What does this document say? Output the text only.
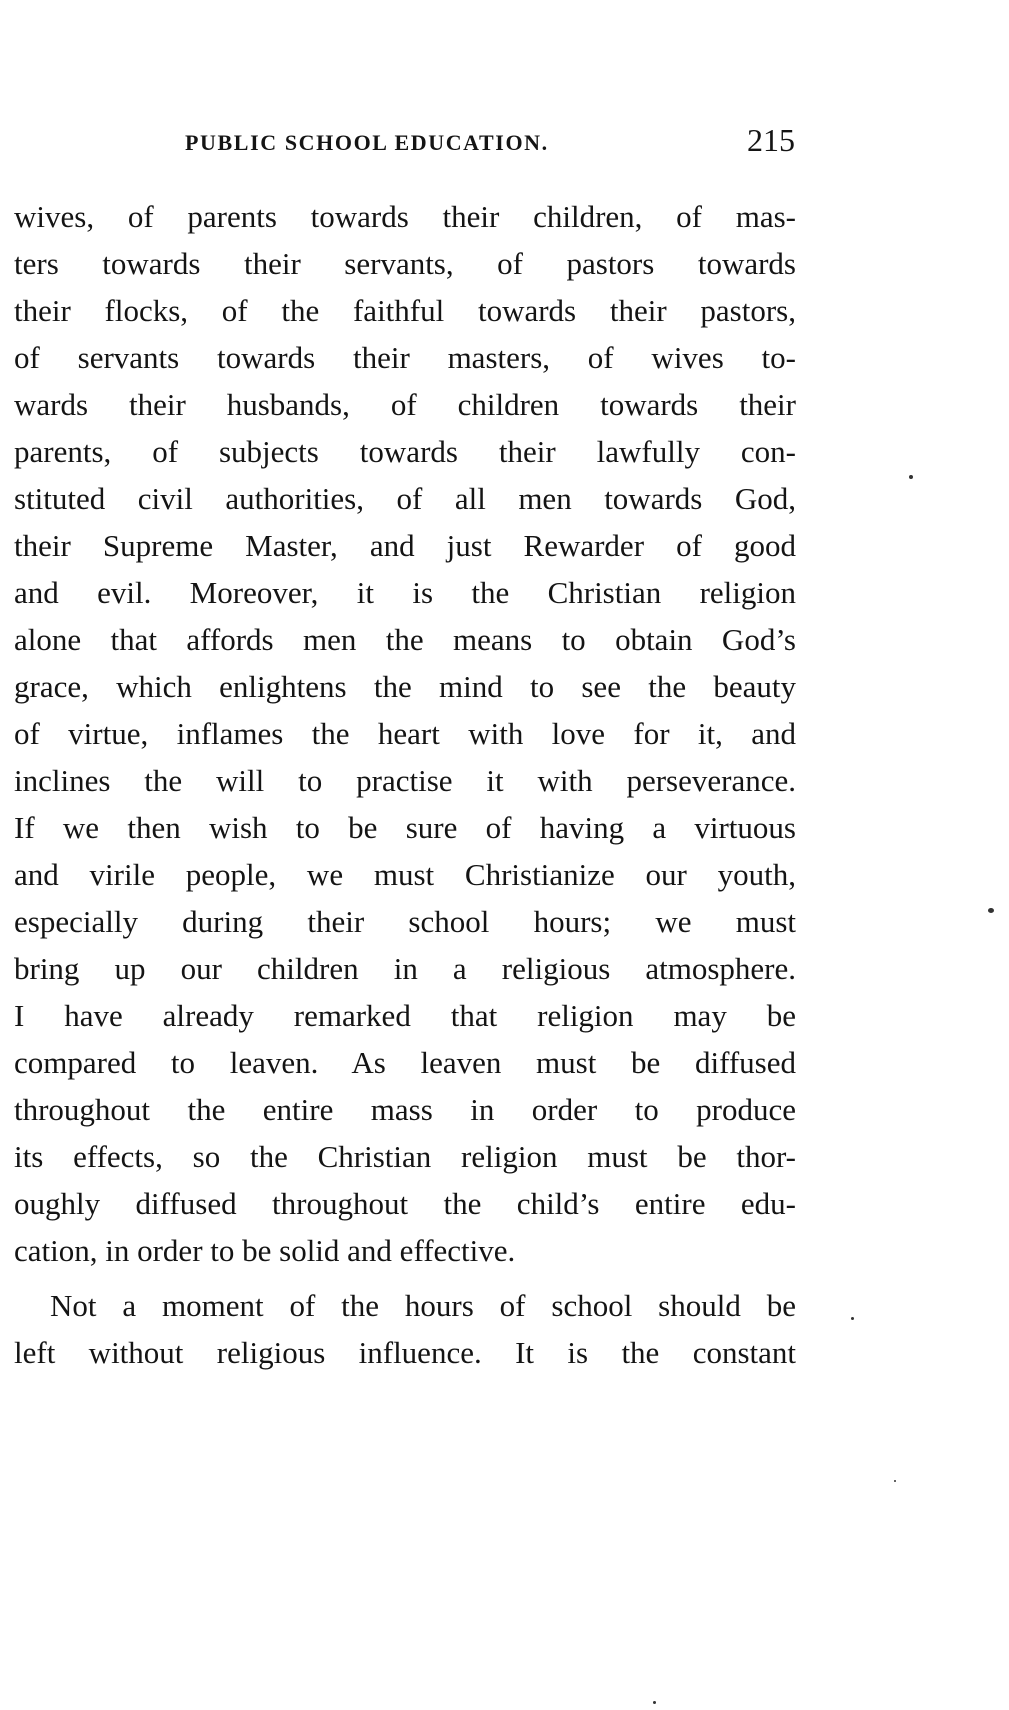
PUBLIC SCHOOL EDUCATION.	215
wives, of parents towards their children, of mas-
ters towards their servants, of pastors towards
their flocks, of the faithful towards their pastors,
of servants towards their masters, of wives to-
wards their husbands, of children towards their
parents, of subjects towards their lawfully con-
stituted civil authorities, of all men towards God,
their Supreme Master, and just Rewarder of good
and evil. Moreover, it is the Christian religion
alone that affords men the means to obtain God’s
grace, which enlightens the mind to see the beauty
of virtue, inflames the heart with love for it, and
inclines the will to practise it with perseverance.
If we then wish to be sure of having a virtuous
and virile people, we must Christianize our youth,
especially during their school hours; we must
bring up our children in a religious atmosphere.
I have already remarked that religion may be
compared to leaven. As leaven must be diffused
throughout the entire mass in order to produce
its effects, so the Christian religion must be thor-
oughly diffused throughout the child’s entire edu-
cation, in order to be solid and effective.
Not a moment of the hours of school should be
left without religious influence. It is the constant
